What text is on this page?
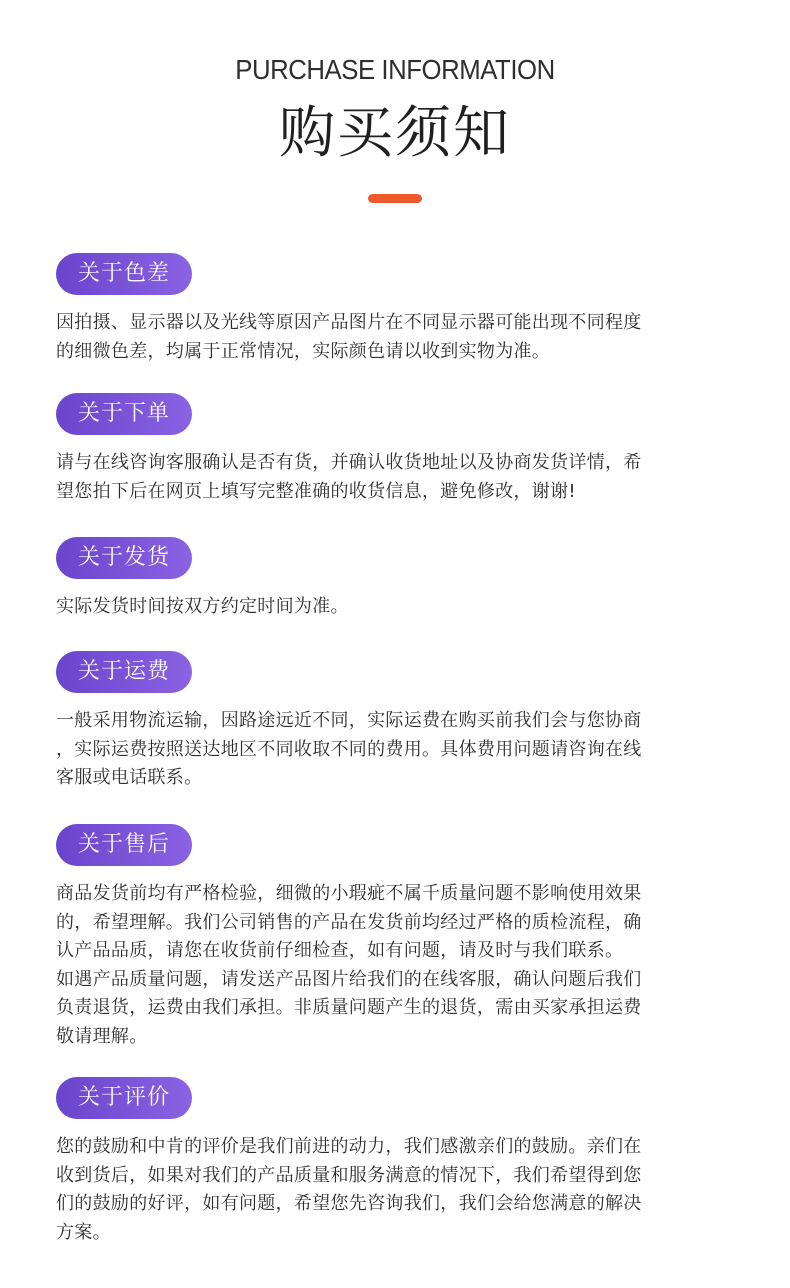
PURCHASE INFORMATION
购买须知
关于色差
因拍摄、显示器以及光线等原因产品图片在不同显示器可能出现不同程度
的细微色差，均属于正常情况，实际颜色请以收到实物为准。
关于下单
请与在线咨询客服确认是否有货，并确认收货地址以及协商发货详情，希
望您拍下后在网页上填写完整准确的收货信息，避免修改，谢谢!
关于发货
实际发货时间按双方约定时间为准。
关于运费
一般采用物流运输，因路途远近不同，实际运费在购买前我们会与您协商
，实际运费按照送达地区不同收取不同的费用。具体费用问题请咨询在线
客服或电话联系。
关于售后
商品发货前均有严格检验，细微的小瑕疵不属千质量问题不影响使用效果
的，希望理解。我们公司销售的产品在发货前均经过严格的质检流程，确
认产品品质，请您在收货前仔细检查，如有问题，请及时与我们联系。
如遇产品质量问题，请发送产品图片给我们的在线客服，确认问题后我们
负责退货，运费由我们承担。非质量问题产生的退货，需由买家承担运费
敬请理解。
关于评价
您的鼓励和中肯的评价是我们前进的动力，我们感激亲们的鼓励。亲们在
收到货后，如果对我们的产品质量和服务满意的情况下，我们希望得到您
们的鼓励的好评，如有问题，希望您先咨询我们，我们会给您满意的解决
方案。
